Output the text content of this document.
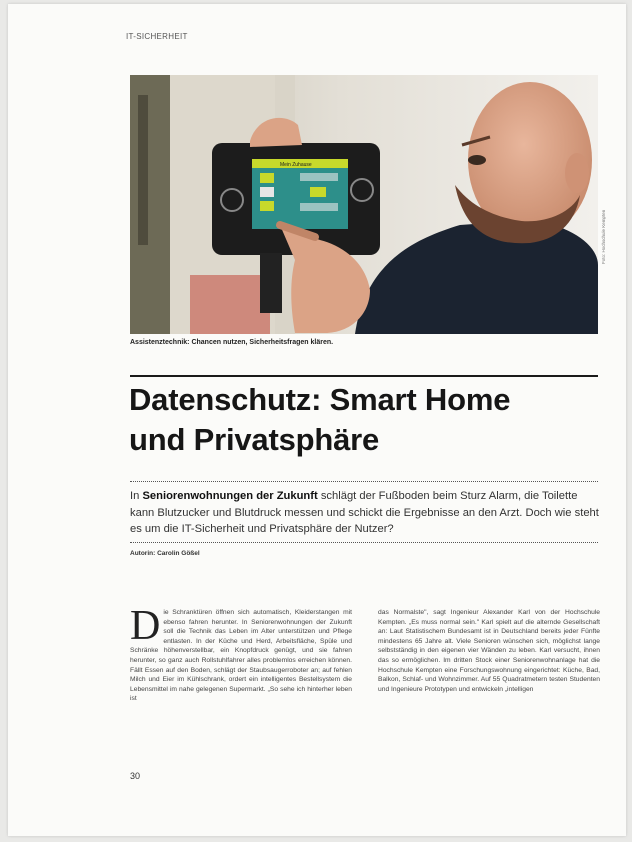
IT-SICHERHEIT
Mein Zuhause
Foto: Hochschule Kempten
Assistenztechnik: Chancen nutzen, Sicherheitsfragen klären.
Datenschutz: Smart Home
und Privatsphäre

In Seniorenwohnungen der Zukunft schlägt der Fußboden beim Sturz Alarm, die Toilette kann Blutzucker und Blutdruck messen und schickt die Ergebnisse an den Arzt. Doch wie steht es um die IT-Sicherheit und Privatsphäre der Nutzer?

Autorin: Carolin Gößel
Die Schranktüren öffnen sich automatisch, Kleiderstangen mit ebenso fahren herunter. In Seniorenwohnungen der Zukunft soll die Technik das Leben im Alter unterstützen und Pflege entlasten. In der Küche und Herd, Arbeitsfläche, Spüle und Schränke höhenverstellbar, ein Knopfdruck genügt, und sie fahren herunter, so ganz auch Rollstuhlfahrer alles problemlos erreichen können. Fällt Essen auf den Boden, schlägt der Staubsaugerroboter an; auf fehlen Milch und Eier im Kühlschrank, ordert ein intelligentes Bestellsystem die Lebensmittel im nahe gelegenen Supermarkt. „So sehe ich hinterher leben ist
das Normalste", sagt Ingenieur Alexander Karl von der Hochschule Kempten. „Es muss normal sein." Karl spielt auf die alternde Gesellschaft an: Laut Statistischem Bundesamt ist in Deutschland bereits jeder Fünfte mindestens 65 Jahre alt. Viele Senioren wünschen sich, möglichst lange selbstständig in den eigenen vier Wänden zu leben. Karl versucht, ihnen das so ermöglichen. Im dritten Stock einer Seniorenwohnanlage hat die Hochschule Kempten eine Forschungswohnung eingerichtet: Küche, Bad, Balkon, Schlaf- und Wohnzimmer. Auf 55 Quadratmetern testen Studenten und Ingenieure Prototypen und entwickeln „intelligen
30
